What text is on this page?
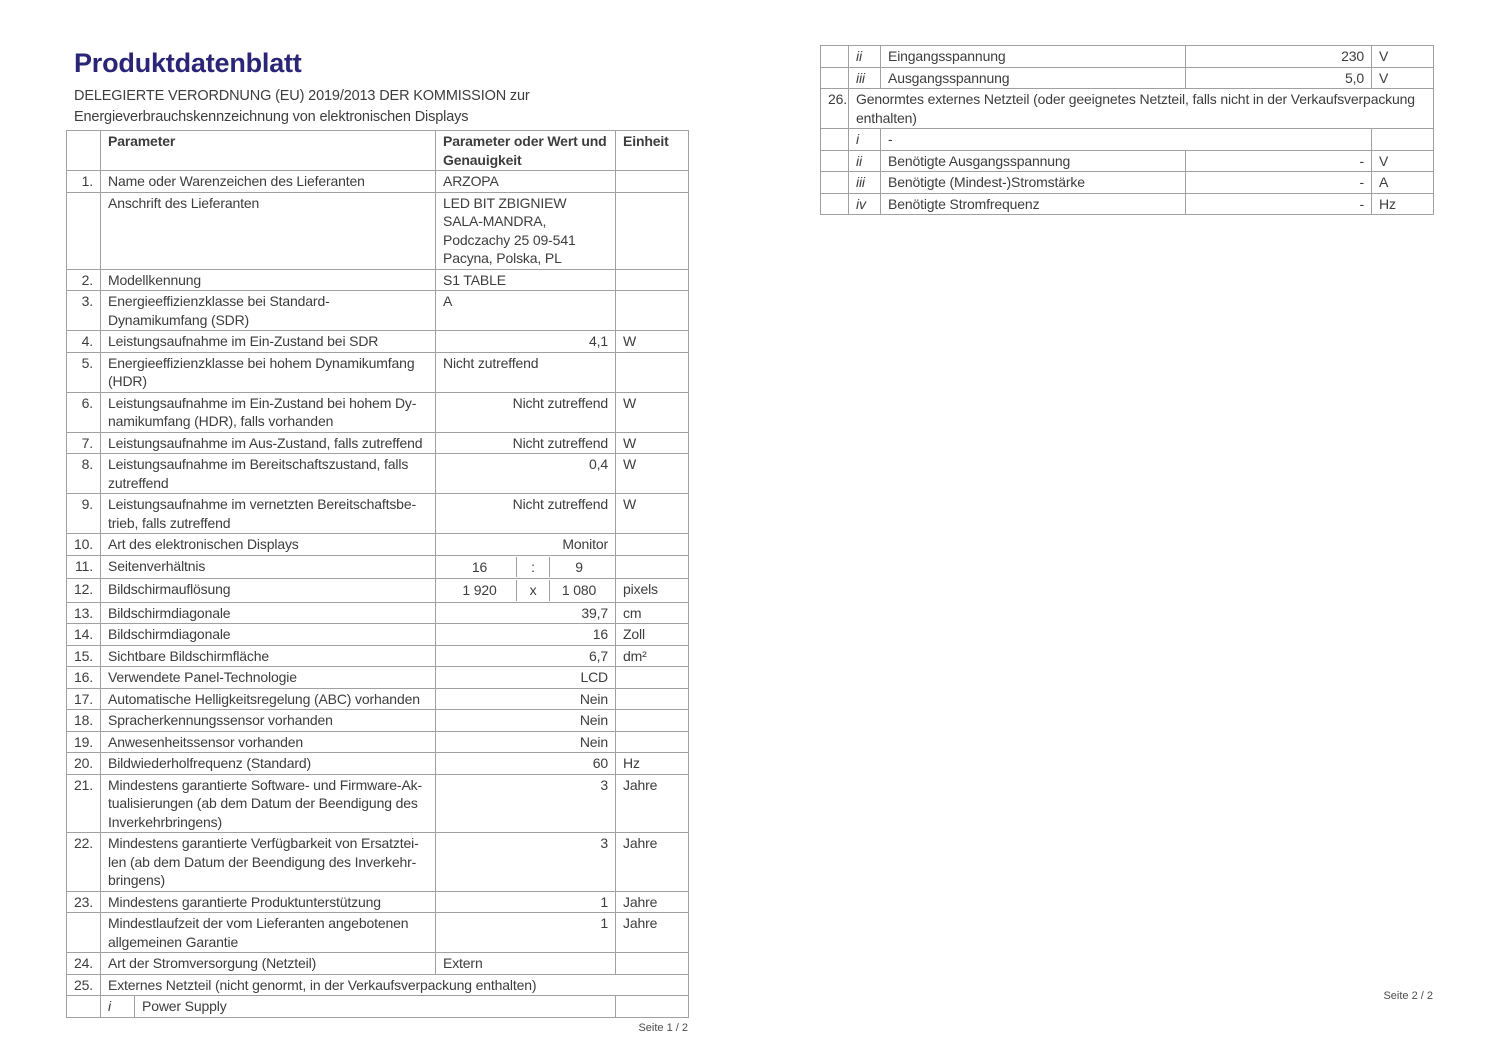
Produktdatenblatt
DELEGIERTE VERORDNUNG (EU) 2019/2013 DER KOMMISSION zur
Energieverbrauchskennzeichnung von elektronischen Displays
	Parameter		Parameter oder Wert und Genauigkeit	Einheit
1.	Name oder Warenzeichen des Lieferanten		ARZOPA	
	Anschrift des Lieferanten		LED BIT ZBIGNIEW SALA-MANDRA, Podczachy 25 09-541 Pacyna, Polska, PL	
2.	Modellkennung		S1 TABLE	
3.	Energieeffizienzklasse bei Standard-Dynamikumfang (SDR)		A	
4.	Leistungsaufnahme im Ein-Zustand bei SDR		4,1	W
5.	Energieeffizienzklasse bei hohem Dynamikumfang (HDR)		Nicht zutreffend	
6.	Leistungsaufnahme im Ein-Zustand bei hohem Dy-namikumfang (HDR), falls vorhanden		Nicht zutreffend	W
7.	Leistungsaufnahme im Aus-Zustand, falls zutreffend		Nicht zutreffend	W
8.	Leistungsaufnahme im Bereitschaftszustand, falls zutreffend		0,4	W
9.	Leistungsaufnahme im vernetzten Bereitschaftsbe-trieb, falls zutreffend		Nicht zutreffend	W
10.	Art des elektronischen Displays		Monitor	
11.	Seitenverhältnis		16 : 9	

12.	Bildschirmauflösung		1 920 x 1 080	pixels
13.	Bildschirmdiagonale		39,7	cm
14.	Bildschirmdiagonale		16	Zoll
15.	Sichtbare Bildschirmfläche		6,7	dm²
16.	Verwendete Panel-Technologie		LCD	
17.	Automatische Helligkeitsregelung (ABC) vorhanden		Nein	
18.	Spracherkennungssensor vorhanden		Nein	
19.	Anwesenheitssensor vorhanden		Nein	
20.	Bildwiederholfrequenz (Standard)		60	Hz
21.	Mindestens garantierte Software- und Firmware-Ak-tualisierungen (ab dem Datum der Beendigung des Inverkehrbringens)		3	Jahre
22.	Mindestens garantierte Verfügbarkeit von Ersatztei-len (ab dem Datum der Beendigung des Inverkehr-bringens)		3	Jahre
23.	Mindestens garantierte Produktunterstützung		1	Jahre
	Mindestlaufzeit der vom Lieferanten angebotenen allgemeinen Garantie		1	Jahre
24.	Art der Stromversorgung (Netzteil)		Extern	
25.	Externes Netzteil (nicht genormt, in der Verkaufsverpackung enthalten)			
	i	Power Supply		
Seite 1 / 2
	ii	Eingangsspannung	230	V
	iii	Ausgangsspannung	5,0	V
26.	Genormtes externes Netzteil (oder geeignetes Netzteil, falls nicht in der Verkaufsverpackung enthalten)			
	i	-		
	ii	Benötigte Ausgangsspannung	-	V
	iii	Benötigte (Mindest-)Stromstärke	-	A
	iv	Benötigte Stromfrequenz	-	Hz
Seite 2 / 2
